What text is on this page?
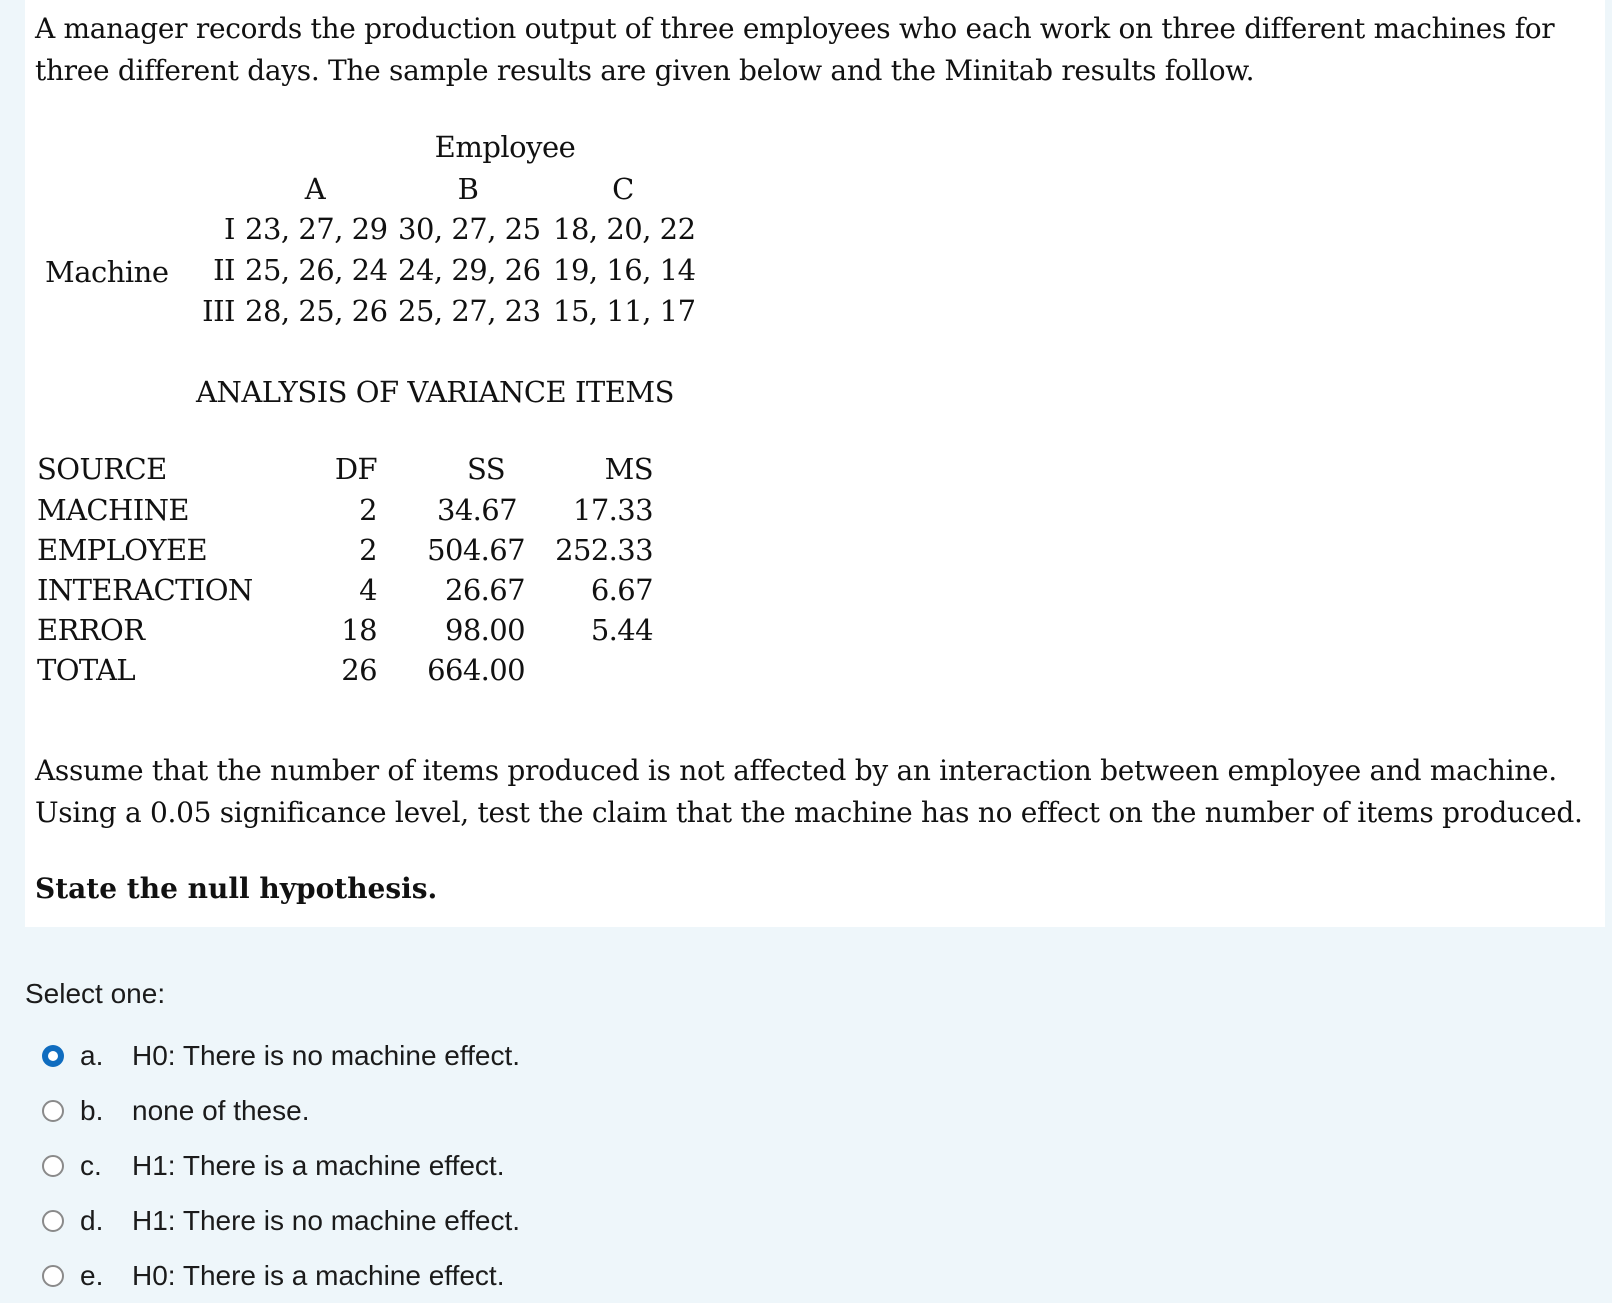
A manager records the production output of three employees who each work on three different machines for three different days. The sample results are given below and the Minitab results follow.
Employee
A	B	C
Machine
I 23, 27, 29 30, 27, 25 18, 20, 22
II 25, 26, 24 24, 29, 26 19, 16, 14
III 28, 25, 26 25, 27, 23 15, 11, 17
ANALYSIS OF VARIANCE ITEMS
SOURCE	DF	SS	MS
MACHINE	2	34.67	17.33
EMPLOYEE	2	504.67	252.33
INTERACTION	4	26.67	6.67
ERROR	18	98.00	5.44
TOTAL	26	664.00
Assume that the number of items produced is not affected by an interaction between employee and machine. Using a 0.05 significance level, test the claim that the machine has no effect on the number of items produced.
State the null hypothesis.
Select one:
a.	H0: There is no machine effect.
b.	none of these.
c.	H1: There is a machine effect.
d.	H1: There is no machine effect.
e.	H0: There is a machine effect.
